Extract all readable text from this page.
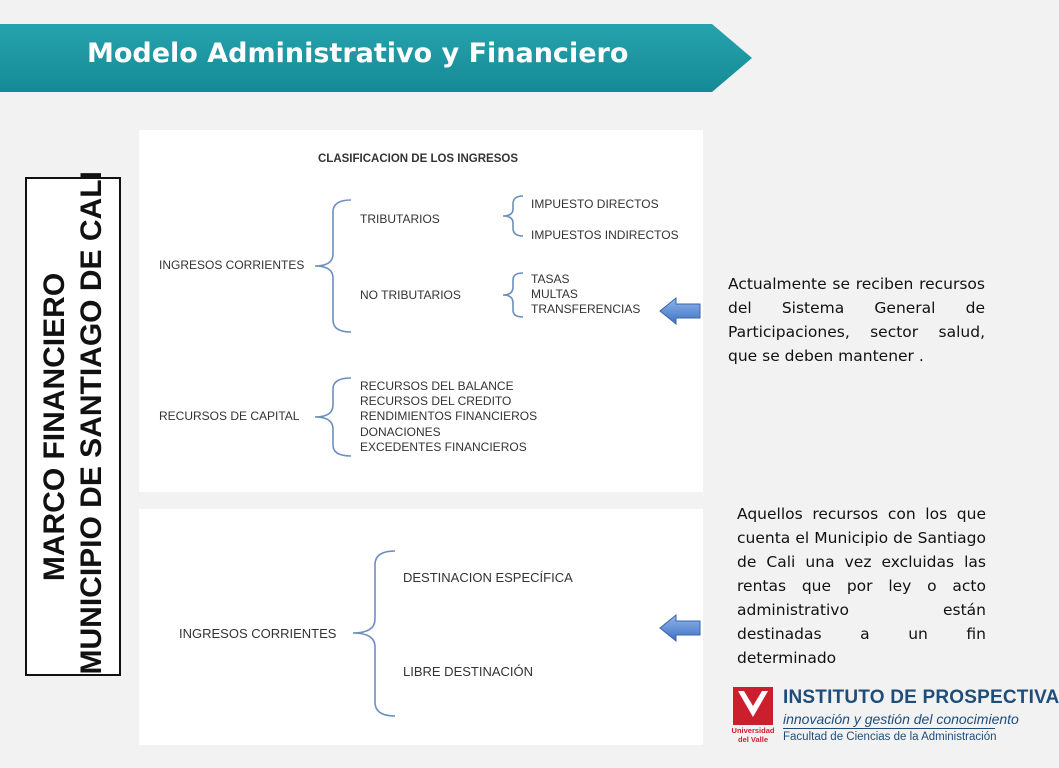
Modelo Administrativo y Financiero
MARCO FINANCIERO MUNICIPIO DE SANTIAGO DE CALI
CLASIFICACION DE LOS INGRESOS
INGRESOS CORRIENTES
TRIBUTARIOS
IMPUESTO DIRECTOS
IMPUESTOS INDIRECTOS
NO TRIBUTARIOS
TASAS
MULTAS
TRANSFERENCIAS
RECURSOS DE CAPITAL
RECURSOS DEL BALANCE
RECURSOS DEL CREDITO
RENDIMIENTOS FINANCIEROS
DONACIONES
EXCEDENTES FINANCIEROS
INGRESOS CORRIENTES
DESTINACION ESPECÍFICA
LIBRE DESTINACIÓN

Actualmente se reciben recursos del Sistema General de Participaciones, sector salud, que se deben mantener .

Aquellos recursos con los que cuenta el Municipio de Santiago de Cali una vez excluidas las rentas que por ley o acto administrativo están destinadas a un fin determinado

Universidad
del Valle
INSTITUTO DE PROSPECTIVA
innovación y gestión del conocimiento
Facultad de Ciencias de la Administración
